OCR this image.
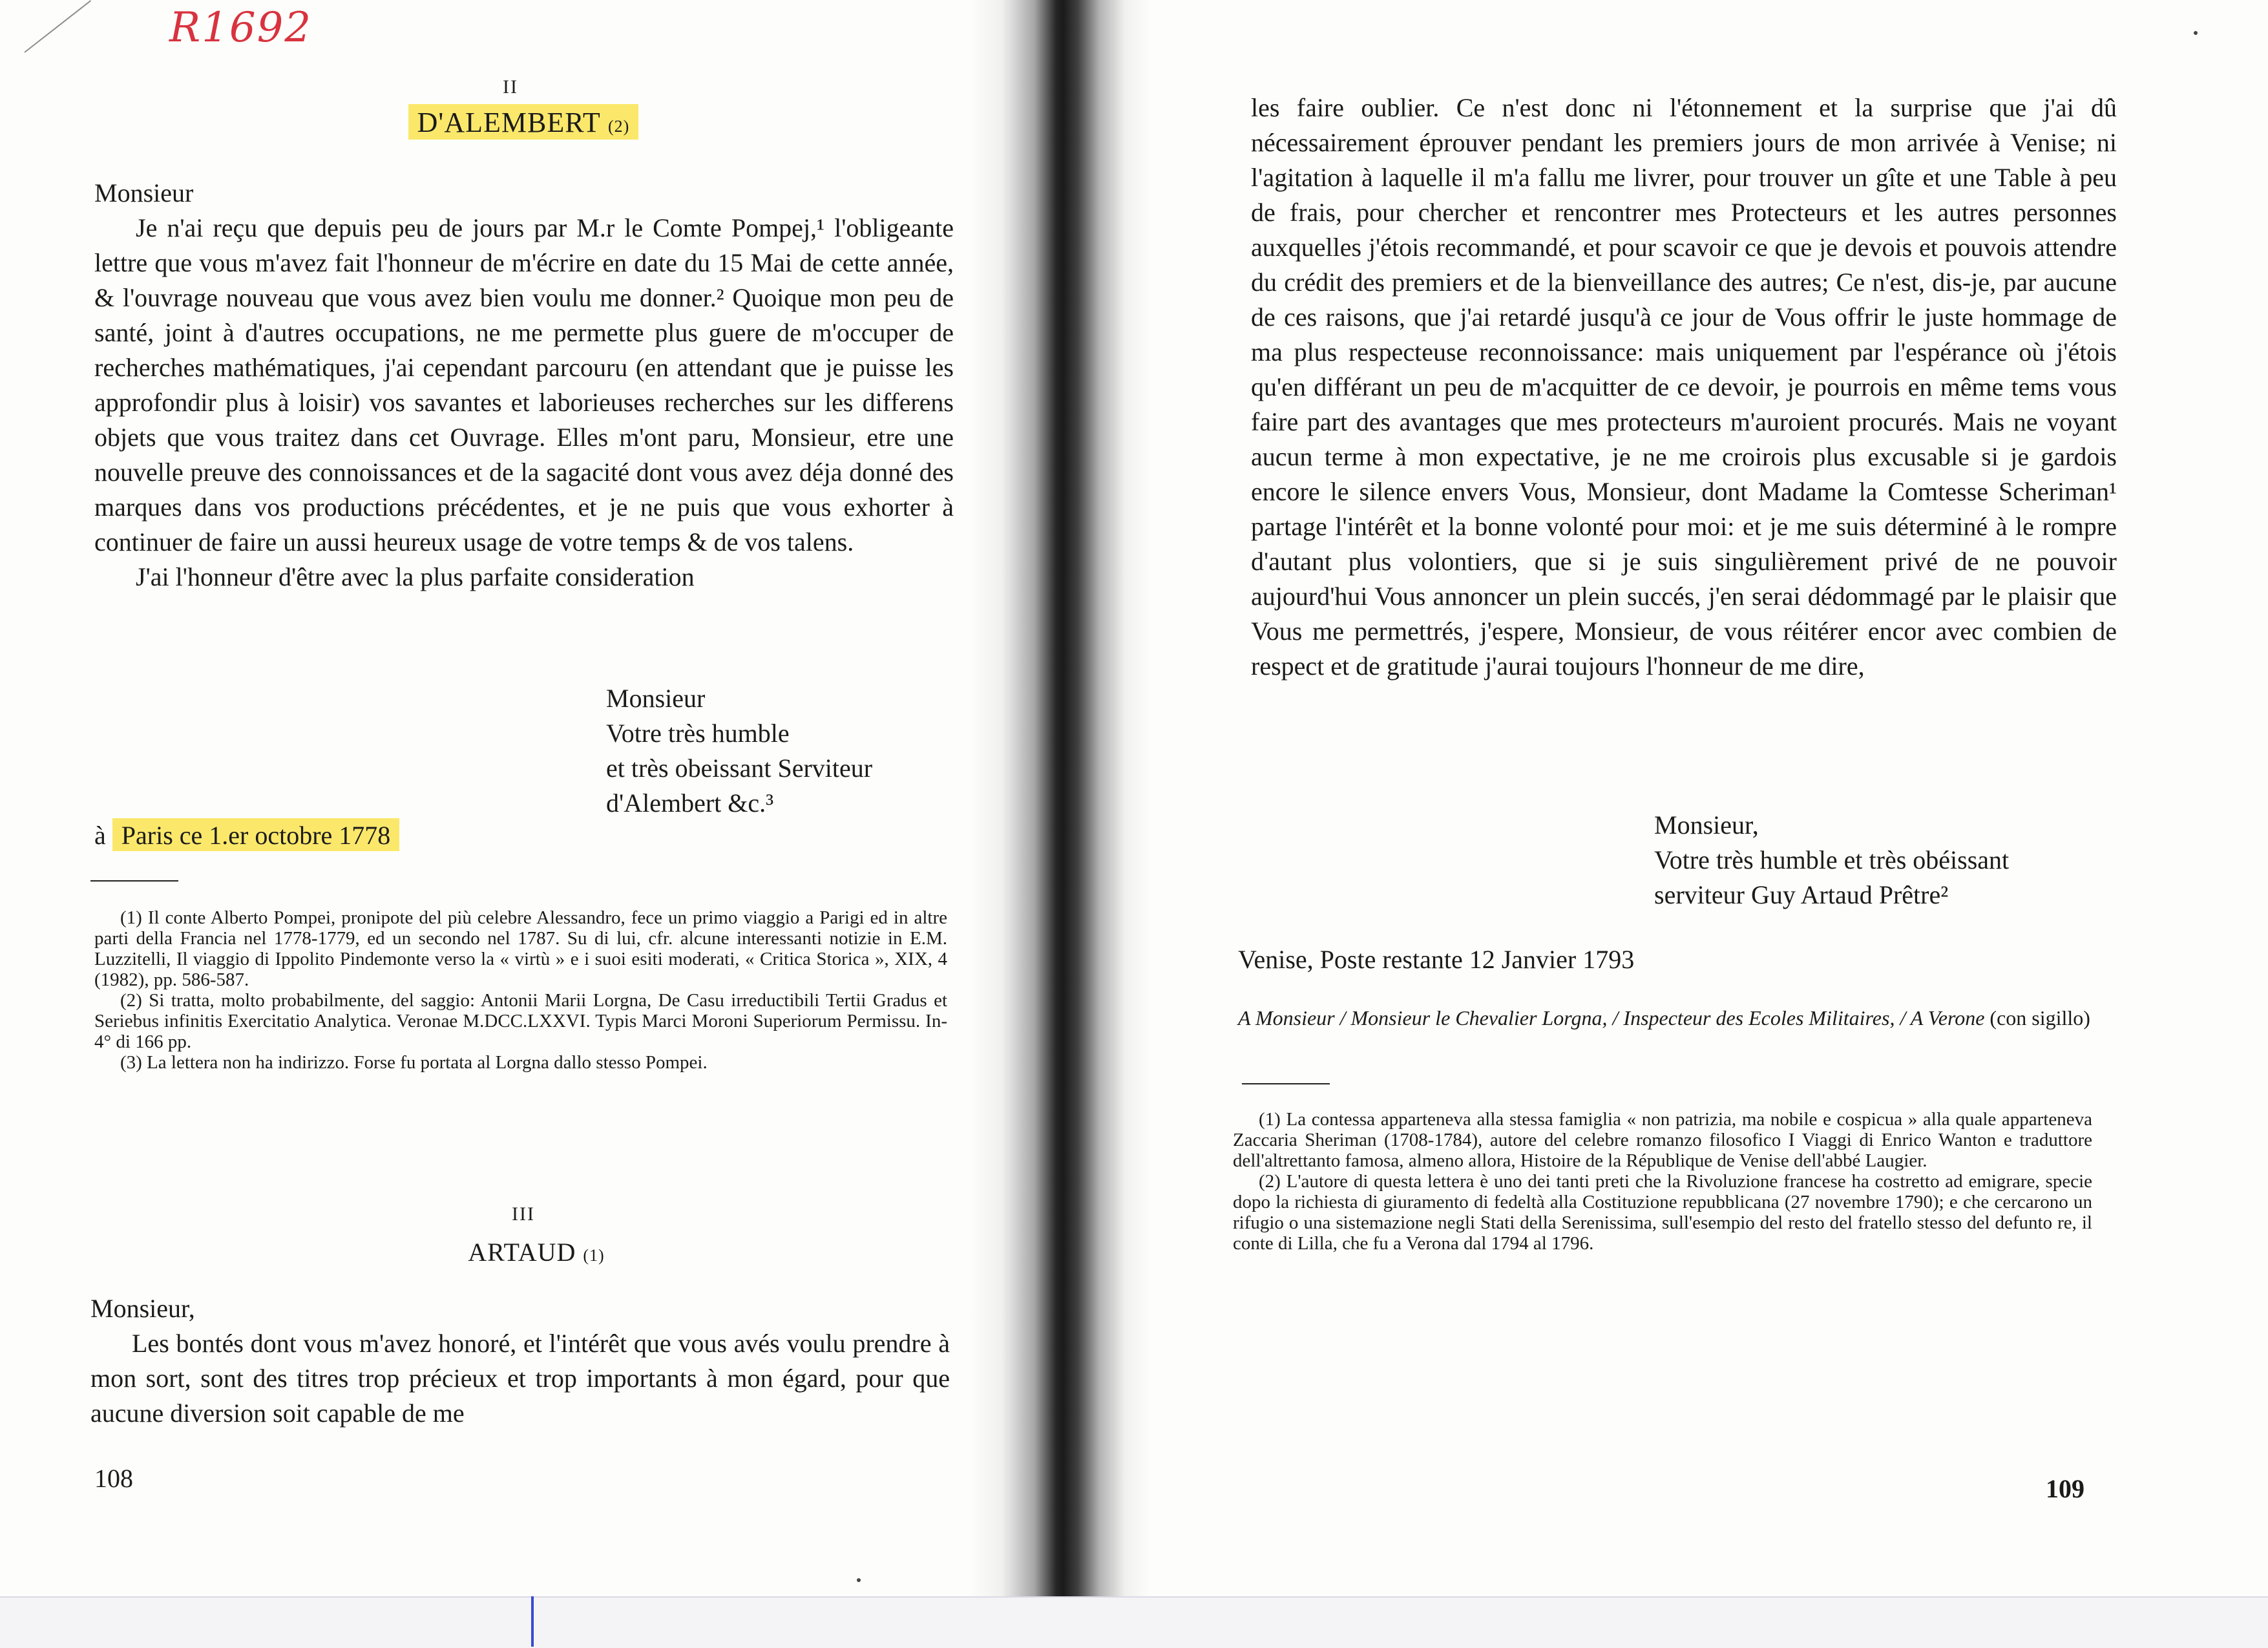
R1692
II
D'ALEMBERT (2)

Monsieur

Je n'ai reçu que depuis peu de jours par M.r le Comte Pompej,¹ l'obligeante lettre que vous m'avez fait l'honneur de m'écrire en date du 15 Mai de cette année, & l'ouvrage nouveau que vous avez bien voulu me donner.² Quoique mon peu de santé, joint à d'autres occupations, ne me permette plus guere de m'occuper de recherches mathématiques, j'ai cependant parcouru (en attendant que je puisse les approfondir plus à loisir) vos savantes et laborieuses recherches sur les differens objets que vous traitez dans cet Ouvrage. Elles m'ont paru, Monsieur, etre une nouvelle preuve des connoissances et de la sagacité dont vous avez déja donné des marques dans vos productions précédentes, et je ne puis que vous exhorter à continuer de faire un aussi heureux usage de votre temps & de vos talens.

J'ai l'honneur d'être avec la plus parfaite consideration

Monsieur
Votre très humble
et très obeissant Serviteur
d'Alembert &c.³
à Paris ce 1.er octobre 1778

(1) Il conte Alberto Pompei, pronipote del più celebre Alessandro, fece un primo viaggio a Parigi ed in altre parti della Francia nel 1778-1779, ed un secondo nel 1787. Su di lui, cfr. alcune interessanti notizie in E.M. Luzzitelli, Il viaggio di Ippolito Pindemonte verso la « virtù » e i suoi esiti moderati, « Critica Storica », XIX, 4 (1982), pp. 586-587.

(2) Si tratta, molto probabilmente, del saggio: Antonii Marii Lorgna, De Casu irreductibili Tertii Gradus et Seriebus infinitis Exercitatio Analytica. Veronae M.DCC.LXXVI. Typis Marci Moroni Superiorum Permissu. In-4° di 166 pp.

(3) La lettera non ha indirizzo. Forse fu portata al Lorgna dallo stesso Pompei.

III
ARTAUD (1)

Monsieur,

Les bontés dont vous m'avez honoré, et l'intérêt que vous avés voulu prendre à mon sort, sont des titres trop précieux et trop importants à mon égard, pour que aucune diversion soit capable de me

108

les faire oublier. Ce n'est donc ni l'étonnement et la surprise que j'ai dû nécessairement éprouver pendant les premiers jours de mon arrivée à Venise; ni l'agitation à laquelle il m'a fallu me livrer, pour trouver un gîte et une Table à peu de frais, pour chercher et rencontrer mes Protecteurs et les autres personnes auxquelles j'étois recommandé, et pour scavoir ce que je devois et pouvois attendre du crédit des premiers et de la bienveillance des autres; Ce n'est, dis-je, par aucune de ces raisons, que j'ai retardé jusqu'à ce jour de Vous offrir le juste hommage de ma plus respecteuse reconnoissance: mais uniquement par l'espérance où j'étois qu'en différant un peu de m'acquitter de ce devoir, je pourrois en même tems vous faire part des avantages que mes protecteurs m'auroient procurés. Mais ne voyant aucun terme à mon expectative, je ne me croirois plus excusable si je gardois encore le silence envers Vous, Monsieur, dont Madame la Comtesse Scheriman¹ partage l'intérêt et la bonne volonté pour moi: et je me suis déterminé à le rompre d'autant plus volontiers, que si je suis singulièrement privé de ne pouvoir aujourd'hui Vous annoncer un plein succés, j'en serai dédommagé par le plaisir que Vous me permettrés, j'espere, Monsieur, de vous réitérer encor avec combien de respect et de gratitude j'aurai toujours l'honneur de me dire,

Monsieur,
Votre très humble et très obéissant
serviteur Guy Artaud Prêtre²
Venise, Poste restante 12 Janvier 1793
A Monsieur / Monsieur le Chevalier Lorgna, / Inspecteur des Ecoles Militaires, / A Verone (con sigillo)

(1) La contessa apparteneva alla stessa famiglia « non patrizia, ma nobile e cospicua » alla quale apparteneva Zaccaria Sheriman (1708-1784), autore del celebre romanzo filosofico I Viaggi di Enrico Wanton e traduttore dell'altrettanto famosa, almeno allora, Histoire de la République de Venise dell'abbé Laugier.

(2) L'autore di questa lettera è uno dei tanti preti che la Rivoluzione francese ha costretto ad emigrare, specie dopo la richiesta di giuramento di fedeltà alla Costituzione repubblicana (27 novembre 1790); e che cercarono un rifugio o una sistemazione negli Stati della Serenissima, sull'esempio del resto del fratello stesso del defunto re, il conte di Lilla, che fu a Verona dal 1794 al 1796.

109
